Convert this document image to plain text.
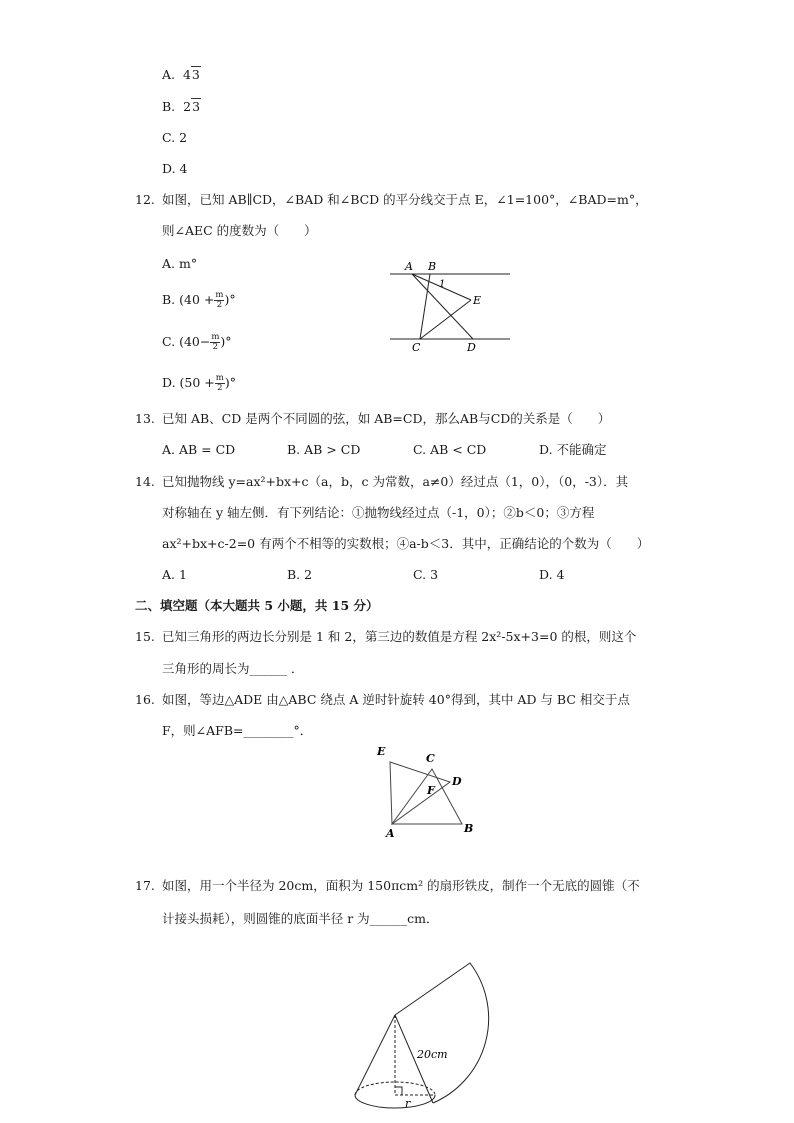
A.  43
B.  23
C. 2
D. 4
12. 如图，已知 AB∥CD，∠BAD 和∠BCD 的平分线交于点 E，∠1=100°，∠BAD=m°，
则∠AEC 的度数为（　　）
A. m°
B. ($40 + \frac{m}{2}$ )°
C. ($40- \frac{m}{2}$ )°
D. ($50 + \frac{m}{2}$ )°
A B
1
E
C	D
13. 已知 AB、CD 是两个不同圆的弦，如 AB=CD，那么AB与CD的关系是（　　）
A. AB = CD	B. AB > CD	C. AB < CD	D. 不能确定
14. 已知抛物线 y=ax²+bx+c（a，b，c 为常数，a≠0）经过点（1，0），（0，-3）．其
对称轴在 y 轴左侧．有下列结论：①抛物线经过点（-1，0）；②b＜0；③方程
ax²+bx+c-2=0 有两个不相等的实数根；④a-b＜3．其中，正确结论的个数为（　　）
A. 1	B. 2	C. 3	D. 4
二、填空题（本大题共 5 小题，共 15 分）
15. 已知三角形的两边长分别是 1 和 2，第三边的数值是方程 2x²-5x+3=0 的根，则这个
三角形的周长为______ ．
16. 如图，等边△ADE 由△ABC 绕点 A 逆时针旋转 40°得到，其中 AD 与 BC 相交于点
F，则∠AFB=________°．
E
C
D
F
A	B
17. 如图，用一个半径为 20cm，面积为 150πcm² 的扇形铁皮，制作一个无底的圆锥（不
计接头损耗），则圆锥的底面半径 r 为______cm．
20cm
r
